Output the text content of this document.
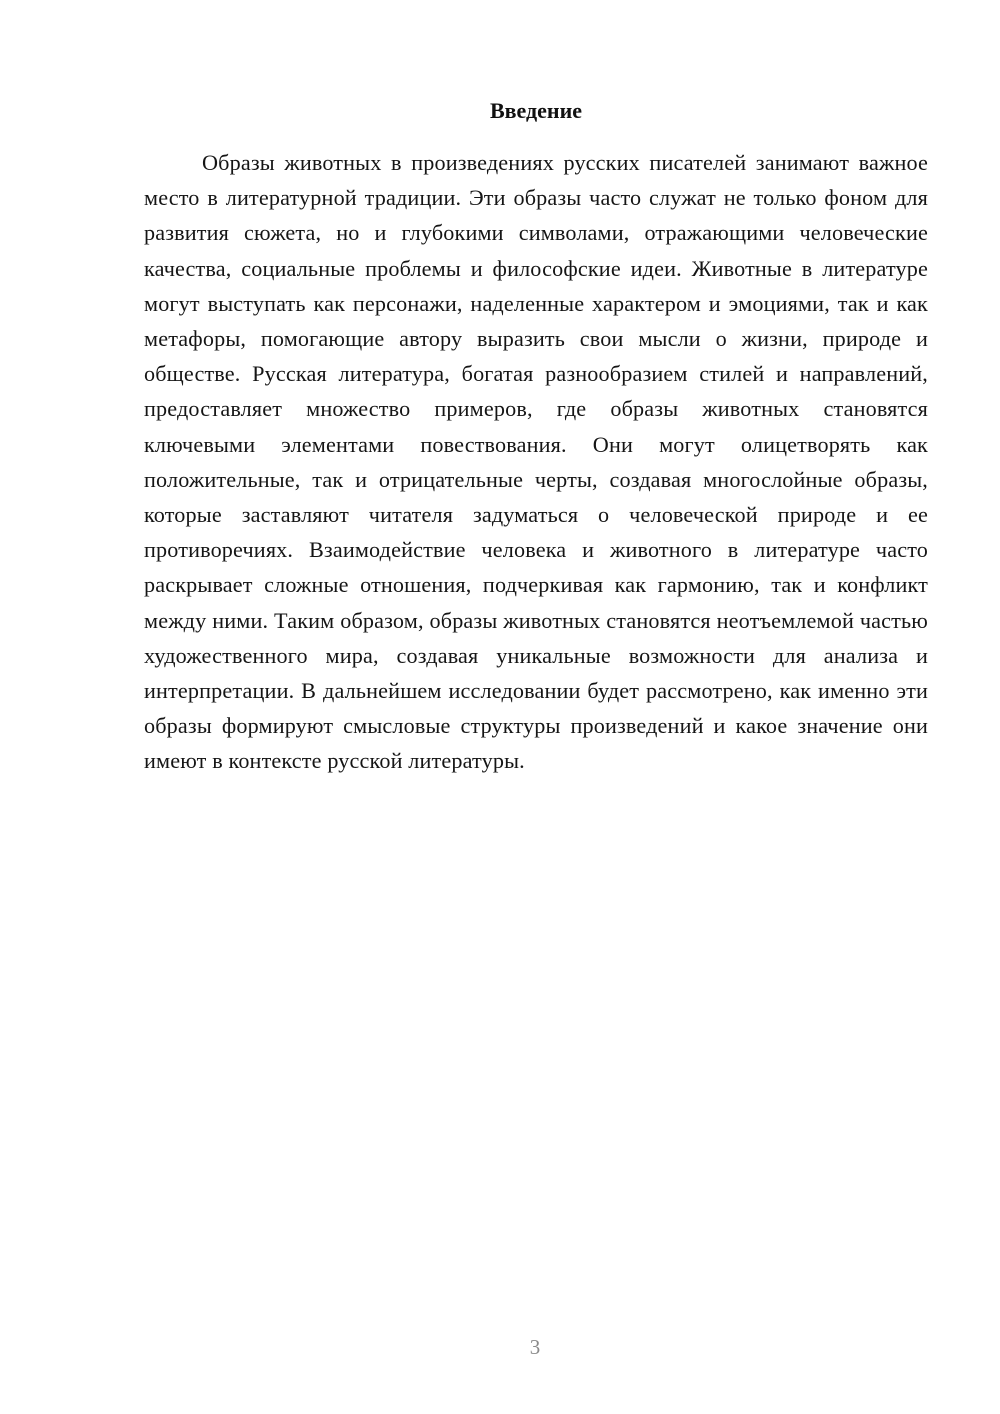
Введение

Образы животных в произведениях русских писателей занимают важное место в литературной традиции. Эти образы часто служат не только фоном для развития сюжета, но и глубокими символами, отражающими человеческие качества, социальные проблемы и философские идеи. Животные в литературе могут выступать как персонажи, наделенные характером и эмоциями, так и как метафоры, помогающие автору выразить свои мысли о жизни, природе и обществе. Русская литература, богатая разнообразием стилей и направлений, предоставляет множество примеров, где образы животных становятся ключевыми элементами повествования. Они могут олицетворять как положительные, так и отрицательные черты, создавая многослойные образы, которые заставляют читателя задуматься о человеческой природе и ее противоречиях. Взаимодействие человека и животного в литературе часто раскрывает сложные отношения, подчеркивая как гармонию, так и конфликт между ними. Таким образом, образы животных становятся неотъемлемой частью художественного мира, создавая уникальные возможности для анализа и интерпретации. В дальнейшем исследовании будет рассмотрено, как именно эти образы формируют смысловые структуры произведений и какое значение они имеют в контексте русской литературы.

3
